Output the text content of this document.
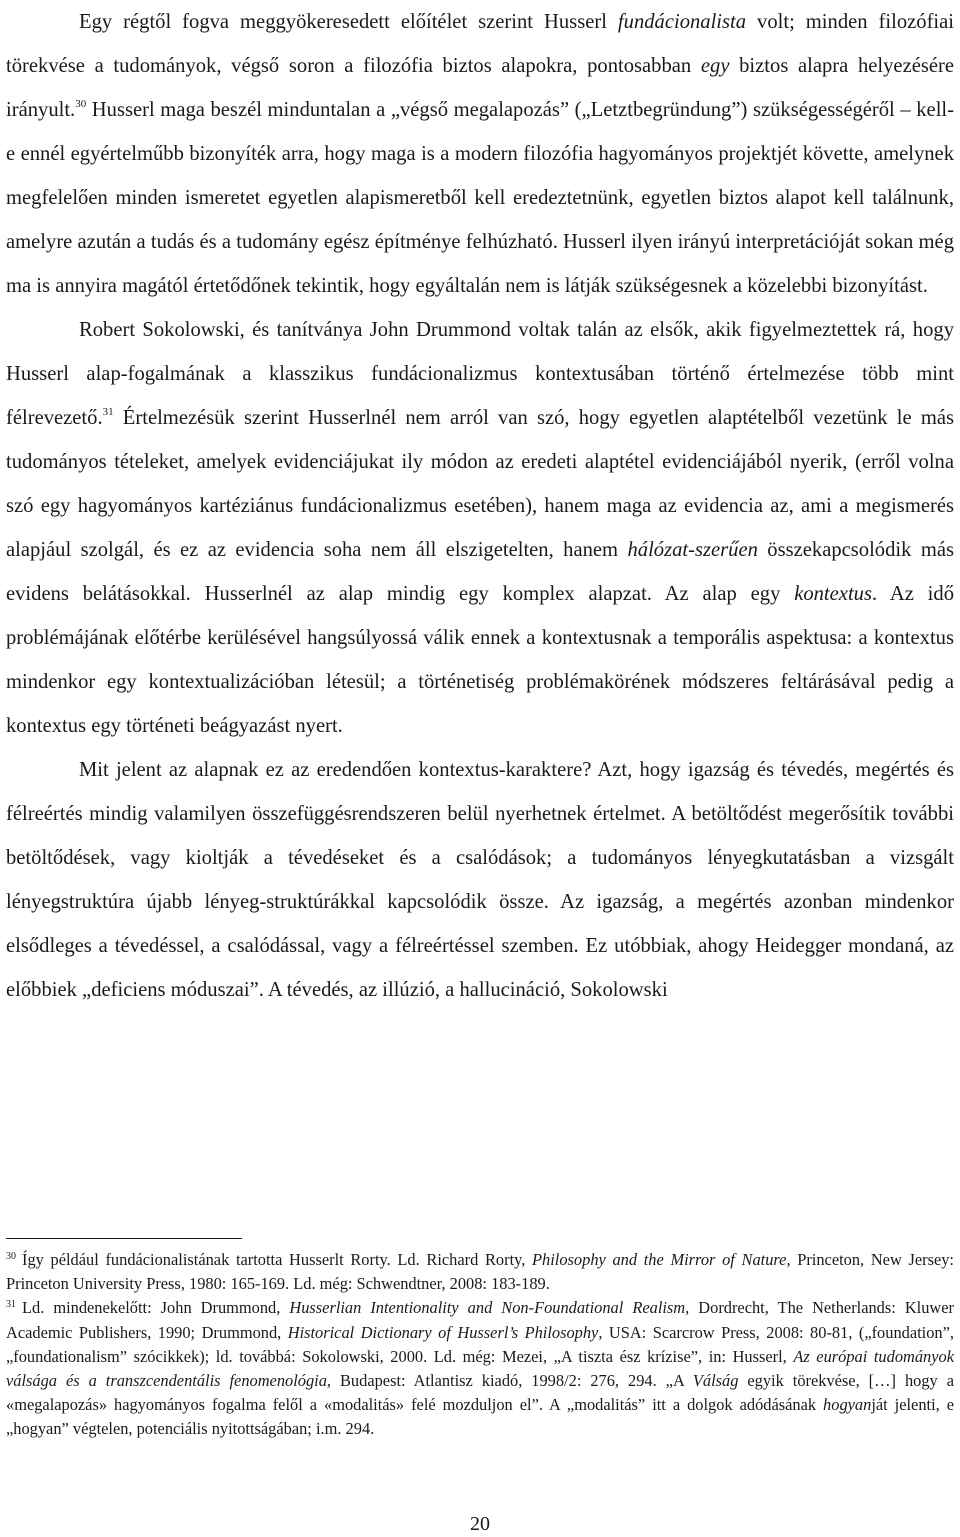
Egy régtől fogva meggyökeresedett előítélet szerint Husserl fundácionalista volt; minden filozófiai törekvése a tudományok, végső soron a filozófia biztos alapokra, pontosabban egy biztos alapra helyezésére irányult.$^{30}$ Husserl maga beszél minduntalan a „végső megalapozás” („Letztbegründung”) szükségességéről – kell-e ennél egyértelműbb bizonyíték arra, hogy maga is a modern filozófia hagyományos projektjét követte, amelynek megfelelően minden ismeretet egyetlen alapismeretből kell eredeztetnünk, egyetlen biztos alapot kell találnunk, amelyre azután a tudás és a tudomány egész építménye felhúzható. Husserl ilyen irányú interpretációját sokan még ma is annyira magától értetődőnek tekintik, hogy egyáltalán nem is látják szükségesnek a közelebbi bizonyítást.

Robert Sokolowski, és tanítványa John Drummond voltak talán az elsők, akik figyelmeztettek rá, hogy Husserl alap-fogalmának a klasszikus fundácionalizmus kontextusában történő értelmezése több mint félrevezető.$^{31}$ Értelmezésük szerint Husserlnél nem arról van szó, hogy egyetlen alaptételből vezetünk le más tudományos tételeket, amelyek evidenciájukat ily módon az eredeti alaptétel evidenciájából nyerik, (erről volna szó egy hagyományos kartéziánus fundácionalizmus esetében), hanem maga az evidencia az, ami a megismerés alapjául szolgál, és ez az evidencia soha nem áll elszigetelten, hanem hálózat-szerűen összekapcsolódik más evidens belátásokkal. Husserlnél az alap mindig egy komplex alapzat. Az alap egy kontextus. Az idő problémájának előtérbe kerülésével hangsúlyossá válik ennek a kontextusnak a temporális aspektusa: a kontextus mindenkor egy kontextualizációban létesül; a történetiség problémakörének módszeres feltárásával pedig a kontextus egy történeti beágyazást nyert.

Mit jelent az alapnak ez az eredendően kontextus-karaktere? Azt, hogy igazság és tévedés, megértés és félreértés mindig valamilyen összefüggésrendszeren belül nyerhetnek értelmet. A betöltődést megerősítik további betöltődések, vagy kioltják a tévedéseket és a csalódások; a tudományos lényegkutatásban a vizsgált lényegstruktúra újabb lényeg-struktúrákkal kapcsolódik össze. Az igazság, a megértés azonban mindenkor elsődleges a tévedéssel, a csalódással, vagy a félreértéssel szemben. Ez utóbbiak, ahogy Heidegger mondaná, az előbbiek „deficiens móduszai”. A tévedés, az illúzió, a hallucináció, Sokolowski

$^{30}$ Így például fundácionalistának tartotta Husserlt Rorty. Ld. Richard Rorty, Philosophy and the Mirror of Nature, Princeton, New Jersey: Princeton University Press, 1980: 165-169. Ld. még: Schwendtner, 2008: 183-189.

$^{31}$ Ld. mindenekelőtt: John Drummond, Husserlian Intentionality and Non-Foundational Realism, Dordrecht, The Netherlands: Kluwer Academic Publishers, 1990; Drummond, Historical Dictionary of Husserl’s Philosophy, USA: Scarcrow Press, 2008: 80-81, („foundation”, „foundationalism” szócikkek); ld. továbbá: Sokolowski, 2000. Ld. még: Mezei, „A tiszta ész krízise”, in: Husserl, Az európai tudományok válsága és a transzcendentális fenomenológia, Budapest: Atlantisz kiadó, 1998/2: 276, 294. „A Válság egyik törekvése, […] hogy a «megalapozás» hagyományos fogalma felől a «modalitás» felé mozduljon el”. A „modalitás” itt a dolgok adódásának hogyanját jelenti, e „hogyan” végtelen, potenciális nyitottságában; i.m. 294.

20
